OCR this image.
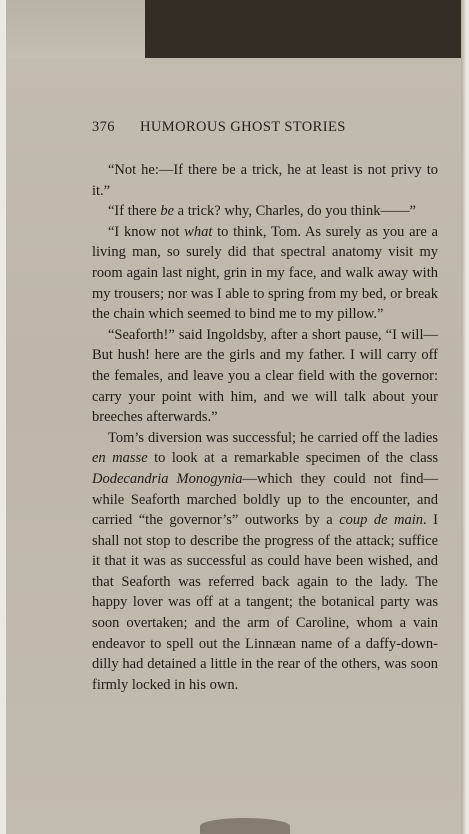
376 HUMOROUS GHOST STORIES

“Not he:—If there be a trick, he at least is not privy to it.”

“If there be a trick? why, Charles, do you think——”

“I know not what to think, Tom. As surely as you are a living man, so surely did that spectral anatomy visit my room again last night, grin in my face, and walk away with my trousers; nor was I able to spring from my bed, or break the chain which seemed to bind me to my pillow.”

“Seaforth!” said Ingoldsby, after a short pause, “I will—But hush! here are the girls and my father. I will carry off the females, and leave you a clear field with the governor: carry your point with him, and we will talk about your breeches afterwards.”

Tom’s diversion was successful; he carried off the ladies en masse to look at a remarkable specimen of the class Dodecandria Monogynia—which they could not find—while Seaforth marched boldly up to the encounter, and carried “the governor’s” outworks by a coup de main. I shall not stop to describe the progress of the attack; suffice it that it was as successful as could have been wished, and that Seaforth was referred back again to the lady. The happy lover was off at a tangent; the botanical party was soon overtaken; and the arm of Caroline, whom a vain endeavor to spell out the Linnæan name of a daffy-down-dilly had detained a little in the rear of the others, was soon firmly locked in his own.
